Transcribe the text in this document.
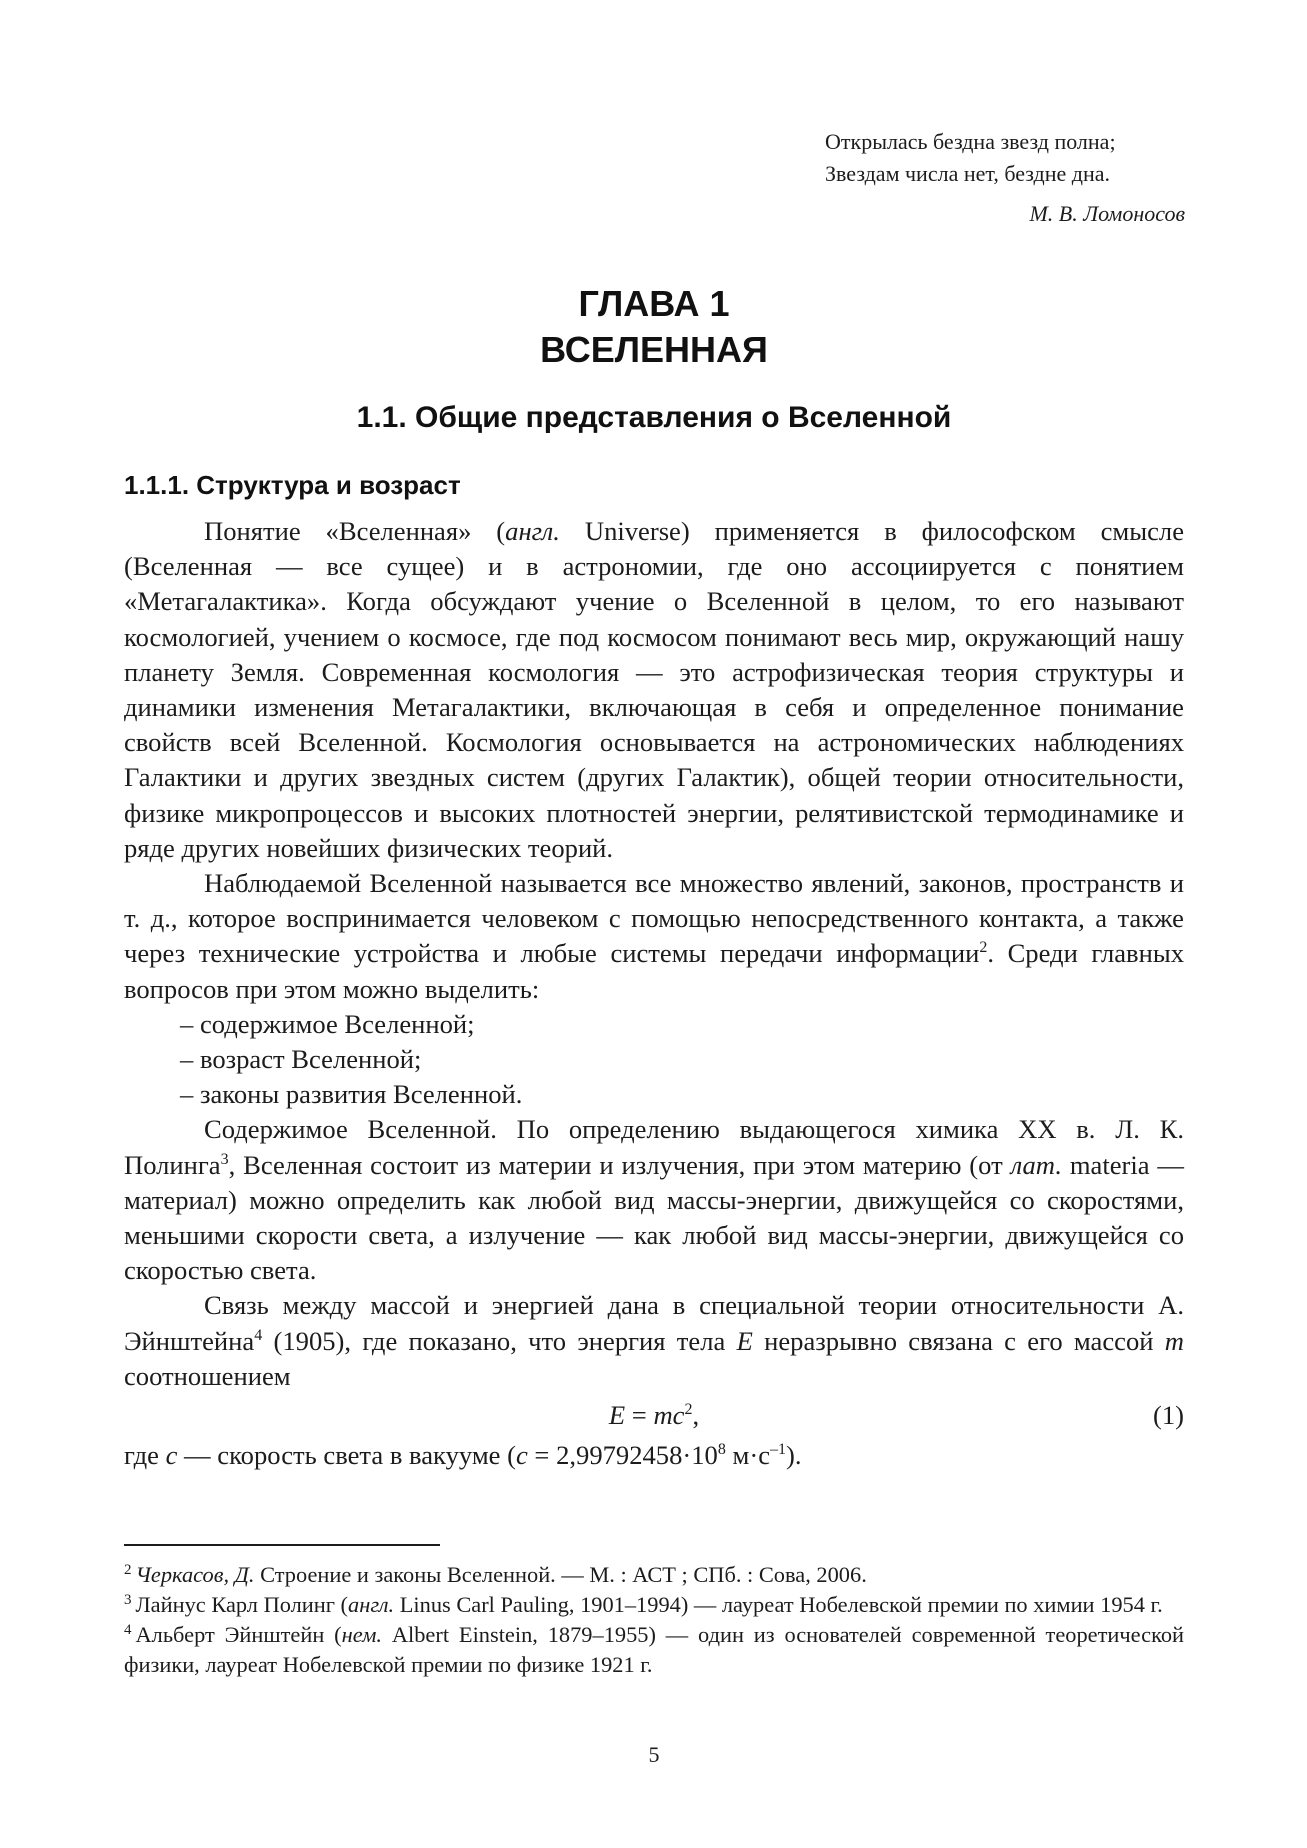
Открылась бездна звезд полна;
Звездам числа нет, бездне дна.
М. В. Ломоносов
ГЛАВА 1
ВСЕЛЕННАЯ
1.1. Общие представления о Вселенной
1.1.1. Структура и возраст

Понятие «Вселенная» (англ. Universe) применяется в философском смысле (Вселенная — все сущее) и в астрономии, где оно ассоциируется с понятием «Метагалактика». Когда обсуждают учение о Вселенной в целом, то его называют космологией, учением о космосе, где под космосом понимают весь мир, окружающий нашу планету Земля. Современная космология — это астрофизическая теория структуры и динамики изменения Метагалактики, включающая в себя и определенное понимание свойств всей Вселенной. Космология основывается на астрономических наблюдениях Галактики и других звездных систем (других Галактик), общей теории относительности, физике микропроцессов и высоких плотностей энергии, релятивистской термодинамике и ряде других новейших физических теорий.

Наблюдаемой Вселенной называется все множество явлений, законов, пространств и т. д., которое воспринимается человеком с помощью непосредственного контакта, а также через технические устройства и любые системы передачи информации$^2$. Среди главных вопросов при этом можно выделить:

– содержимое Вселенной;
– возраст Вселенной;
– законы развития Вселенной.

Содержимое Вселенной. По определению выдающегося химика XX в. Л. К. Полинга$^3$, Вселенная состоит из материи и излучения, при этом материю (от лат. materia — материал) можно определить как любой вид массы-энергии, движущейся со скоростями, меньшими скорости света, а излучение — как любой вид массы-энергии, движущейся со скоростью света.

Связь между массой и энергией дана в специальной теории относительности А. Эйнштейна$^4$ (1905), где показано, что энергия тела E неразрывно связана с его массой m соотношением

$E = mc^2$,	(1)

где c — скорость света в вакууме ($c = 2,99792458\cdot 10^8$ $м\cdot с^{-1}$).

$^2$ Черкасов, Д. Строение и законы Вселенной. — М. : АСТ ; СПб. : Сова, 2006.

$^3$ Лайнус Карл Полинг (англ. Linus Carl Pauling, 1901–1994) — лауреат Нобелевской премии по химии 1954 г.

$^4$ Альберт Эйнштейн (нем. Albert Einstein, 1879–1955) — один из основателей современной теоретической физики, лауреат Нобелевской премии по физике 1921 г.

5
